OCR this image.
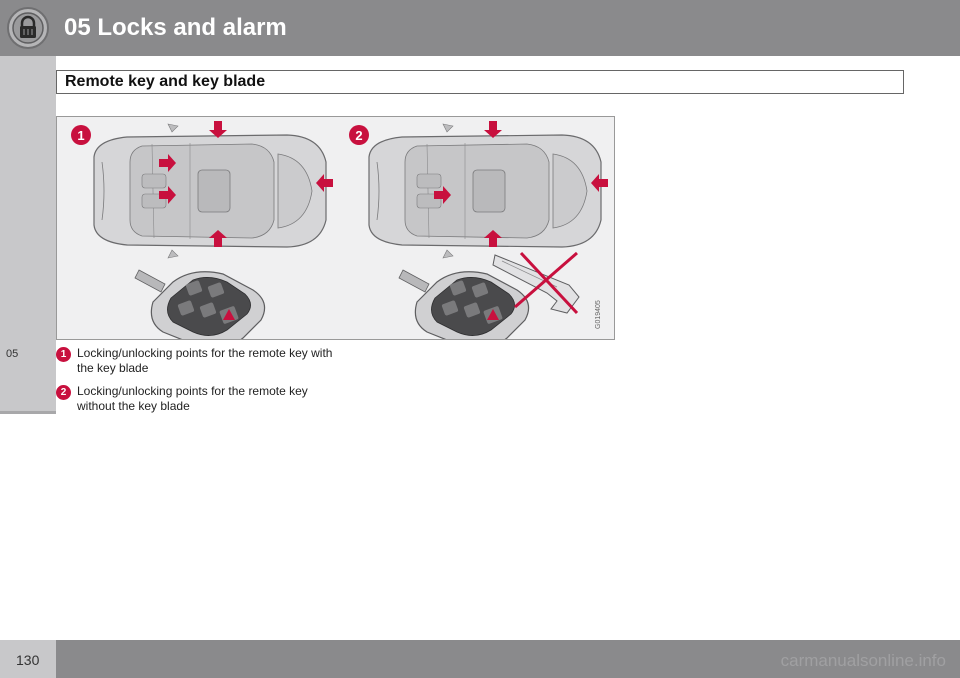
05 Locks and alarm
05
Remote key and key blade
1	2
G019405
1 Locking/unlocking points for the remote key with the key blade
2 Locking/unlocking points for the remote key without the key blade
130	carmanualsonline.info
